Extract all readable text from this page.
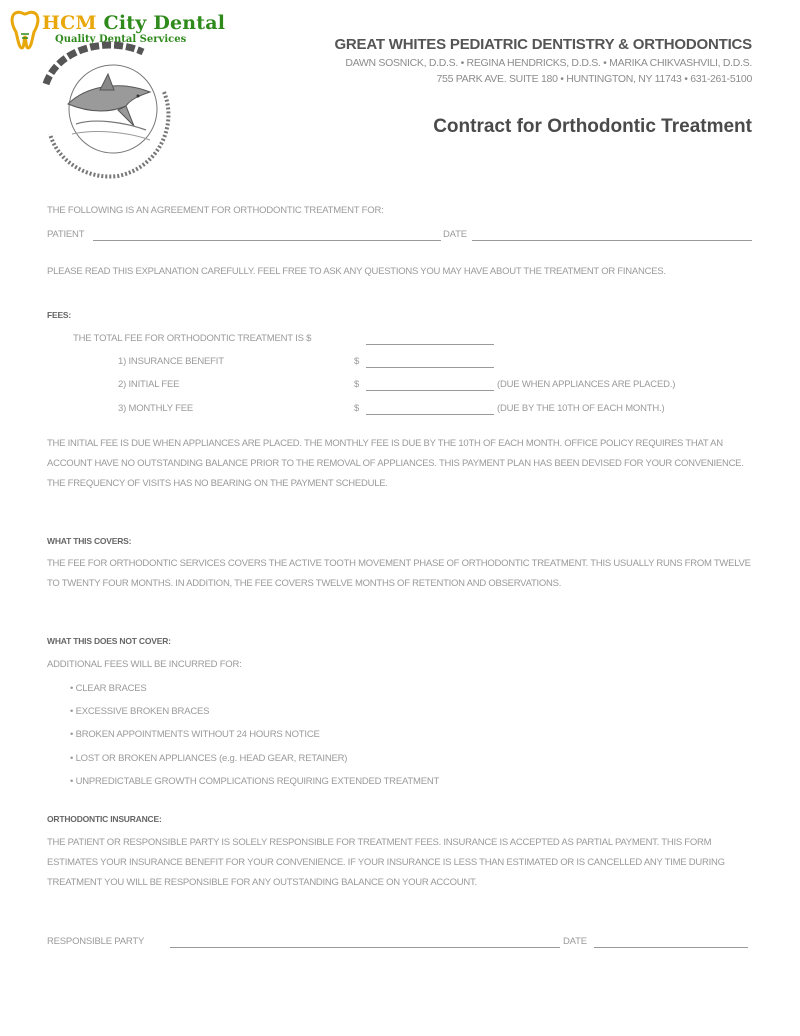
HCM City Dental
Quality Dental Services	GREAT WHITES PEDIATRIC DENTISTRY & ORTHODONTICS
DAWN SOSNICK, D.D.S. • REGINA HENDRICKS, D.D.S. • MARIKA CHIKVASHVILI, D.D.S.
755 PARK AVE. SUITE 180 • HUNTINGTON, NY 11743 • 631-261-5100
Contract for Orthodontic Treatment
THE FOLLOWING IS AN AGREEMENT FOR ORTHODONTIC TREATMENT FOR:
PATIENT	DATE
PLEASE READ THIS EXPLANATION CAREFULLY. FEEL FREE TO ASK ANY QUESTIONS YOU MAY HAVE ABOUT THE TREATMENT OR FINANCES.
FEES:
THE TOTAL FEE FOR ORTHODONTIC TREATMENT IS $
1) INSURANCE BENEFIT	$
2) INITIAL FEE	$	(DUE WHEN APPLIANCES ARE PLACED.)
3) MONTHLY FEE	$	(DUE BY THE 10TH OF EACH MONTH.)
THE INITIAL FEE IS DUE WHEN APPLIANCES ARE PLACED. THE MONTHLY FEE IS DUE BY THE 10TH OF EACH MONTH. OFFICE POLICY REQUIRES THAT AN ACCOUNT HAVE NO OUTSTANDING BALANCE PRIOR TO THE REMOVAL OF APPLIANCES. THIS PAYMENT PLAN HAS BEEN DEVISED FOR YOUR CONVENIENCE. THE FREQUENCY OF VISITS HAS NO BEARING ON THE PAYMENT SCHEDULE.
WHAT THIS COVERS:
THE FEE FOR ORTHODONTIC SERVICES COVERS THE ACTIVE TOOTH MOVEMENT PHASE OF ORTHODONTIC TREATMENT. THIS USUALLY RUNS FROM TWELVE TO TWENTY FOUR MONTHS. IN ADDITION, THE FEE COVERS TWELVE MONTHS OF RETENTION AND OBSERVATIONS.
WHAT THIS DOES NOT COVER:
ADDITIONAL FEES WILL BE INCURRED FOR:
• CLEAR BRACES
• EXCESSIVE BROKEN BRACES
• BROKEN APPOINTMENTS WITHOUT 24 HOURS NOTICE
• LOST OR BROKEN APPLIANCES (e.g. HEAD GEAR, RETAINER)
• UNPREDICTABLE GROWTH COMPLICATIONS REQUIRING EXTENDED TREATMENT
ORTHODONTIC INSURANCE:
THE PATIENT OR RESPONSIBLE PARTY IS SOLELY RESPONSIBLE FOR TREATMENT FEES. INSURANCE IS ACCEPTED AS PARTIAL PAYMENT. THIS FORM ESTIMATES YOUR INSURANCE BENEFIT FOR YOUR CONVENIENCE. IF YOUR INSURANCE IS LESS THAN ESTIMATED OR IS CANCELLED ANY TIME DURING TREATMENT YOU WILL BE RESPONSIBLE FOR ANY OUTSTANDING BALANCE ON YOUR ACCOUNT.
RESPONSIBLE PARTY	DATE
